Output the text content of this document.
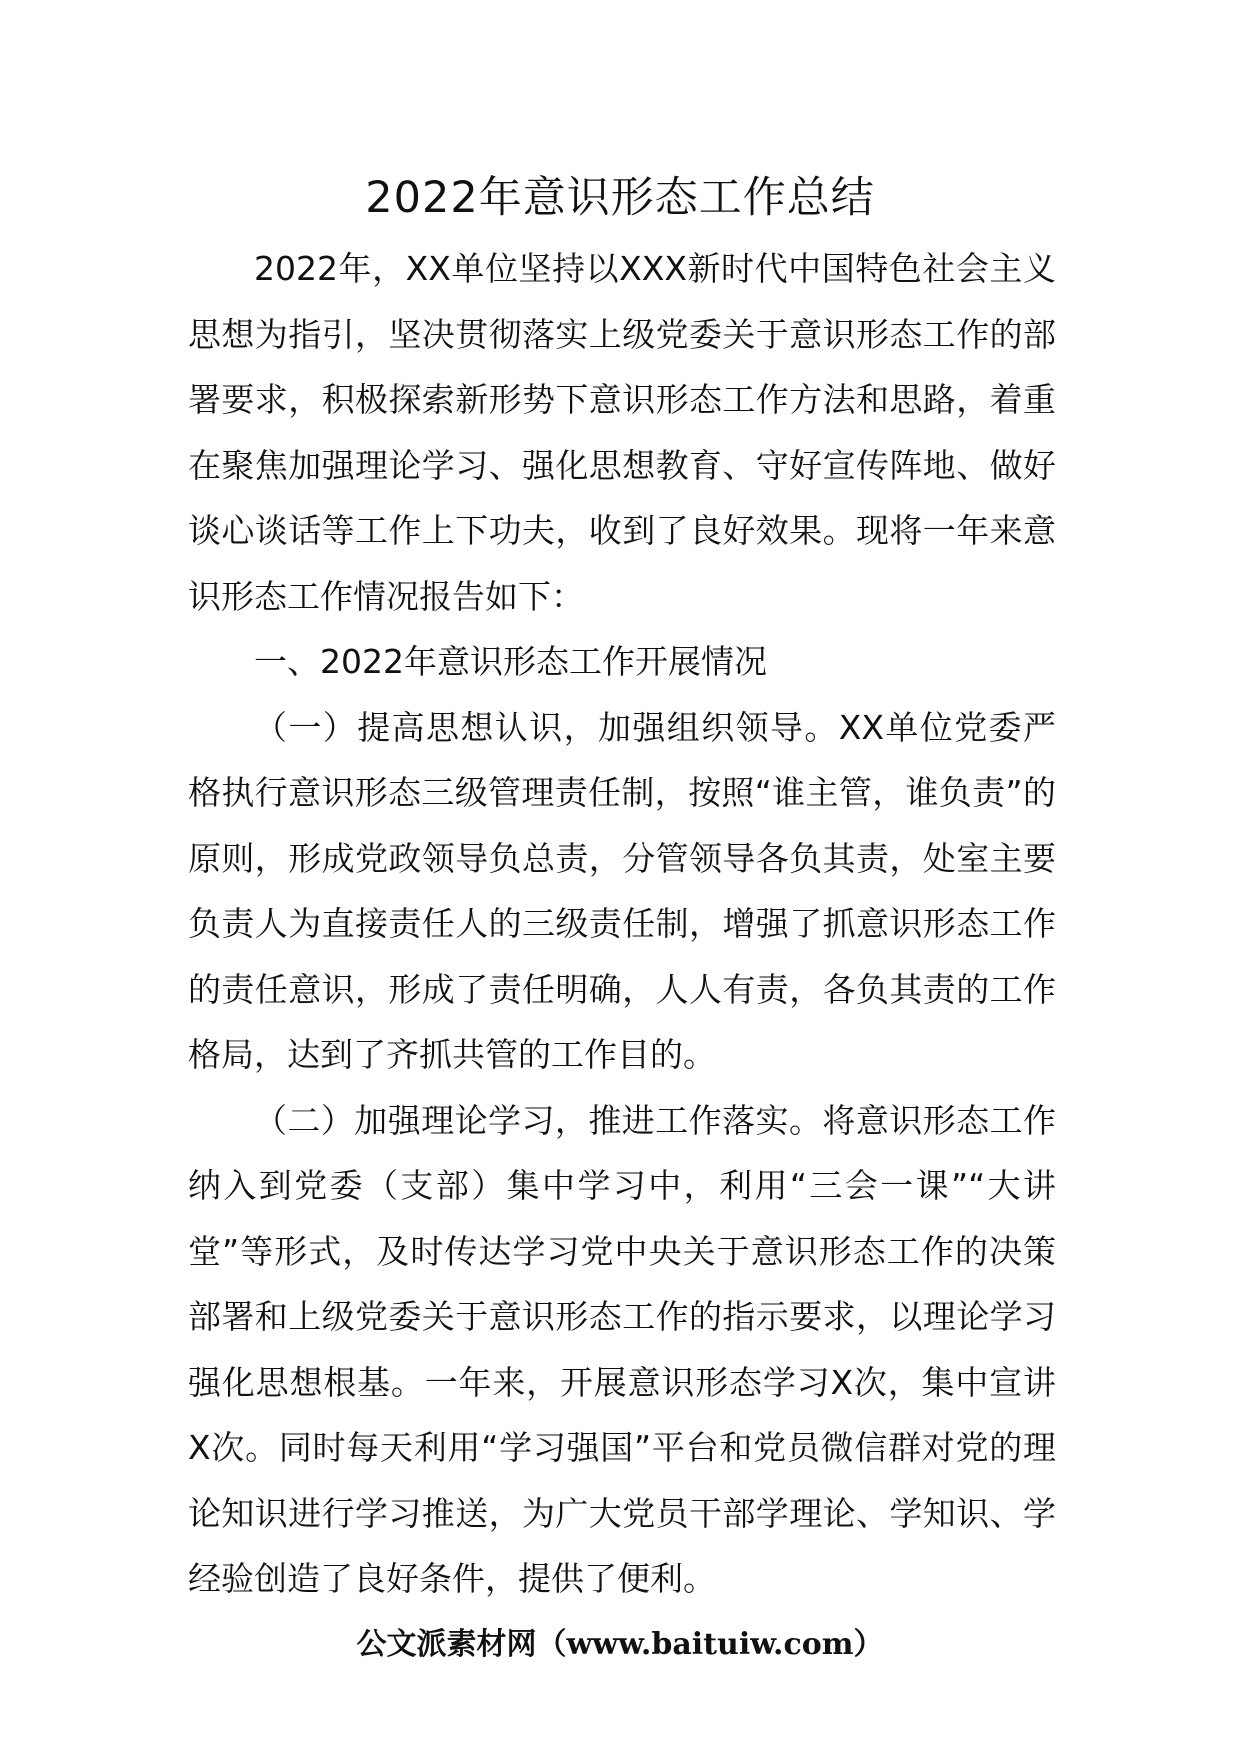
2022年意识形态工作总结

2022年，XX单位坚持以XXX新时代中国特色社会主义思想为指引，坚决贯彻落实上级党委关于意识形态工作的部署要求，积极探索新形势下意识形态工作方法和思路，着重在聚焦加强理论学习、强化思想教育、守好宣传阵地、做好谈心谈话等工作上下功夫，收到了良好效果。现将一年来意识形态工作情况报告如下：

一、2022年意识形态工作开展情况

（一）提高思想认识，加强组织领导。XX单位党委严格执行意识形态三级管理责任制，按照“谁主管，谁负责”的原则，形成党政领导负总责，分管领导各负其责，处室主要负责人为直接责任人的三级责任制，增强了抓意识形态工作的责任意识，形成了责任明确，人人有责，各负其责的工作格局，达到了齐抓共管的工作目的。

（二）加强理论学习，推进工作落实。将意识形态工作纳入到党委（支部）集中学习中，利用“三会一课”“大讲堂”等形式，及时传达学习党中央关于意识形态工作的决策部署和上级党委关于意识形态工作的指示要求，以理论学习强化思想根基。一年来，开展意识形态学习X次，集中宣讲X次。同时每天利用“学习强国”平台和党员微信群对党的理论知识进行学习推送，为广大党员干部学理论、学知识、学经验创造了良好条件，提供了便利。

公文派素材网（www.baituiw.com）
